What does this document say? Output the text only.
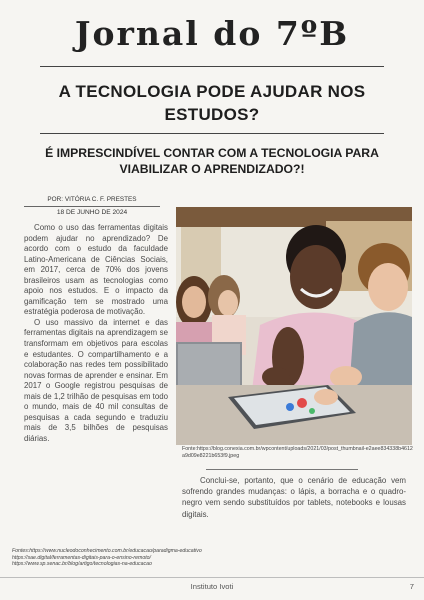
Jornal do 7ºB
A TECNOLOGIA PODE AJUDAR NOS ESTUDOS?
É IMPRESCINDÍVEL CONTAR COM A TECNOLOGIA PARA VIABILIZAR O APRENDIZADO?!
POR: VITÓRIA C. F. PRESTES
18 DE JUNHO DE 2024

Como o uso das ferramentas digitais podem ajudar no aprendizado? De acordo com o estudo da faculdade Latino-Americana de Ciências Sociais, em 2017, cerca de 70% dos jovens brasileiros usam as tecnologias como apoio nos estudos. E o impacto da gamificação tem se mostrado uma estratégia poderosa de motivação.

O uso massivo da internet e das ferramentas digitais na aprendizagem se transformam em objetivos para escolas e estudantes. O compartilhamento e a colaboração nas redes tem possibilitado novas formas de aprender e ensinar. Em 2017 o Google registrou pesquisas de mais de 1,2 trilhão de pesquisas em todo o mundo, mais de 40 mil consultas de pesquisas a cada segundo e traduziu mais de 3,5 bilhões de pesquisas diárias.

Fonte:https://blog.conexia.com.br/wpcontent/uploads/2021/03/post_thumbnail-e2aee834338b4612a9d09e8221b653f9.jpeg
Conclui-se, portanto, que o cenário de educação vem sofrendo grandes mudanças: o lápis, a borracha e o quadro-negro vem sendo substituídos por tablets, notebooks e lousas digitais.
Fontes:https://www.nucleodoconhecimento.com.br/educacao/paradigma-educativo
https://sae.digital/ferramentas-digitais-para-o-ensino-remoto/
https://www.sp.senac.br/blog/artigo/tecnologias-na-educacao
Instituto Ivoti	7
